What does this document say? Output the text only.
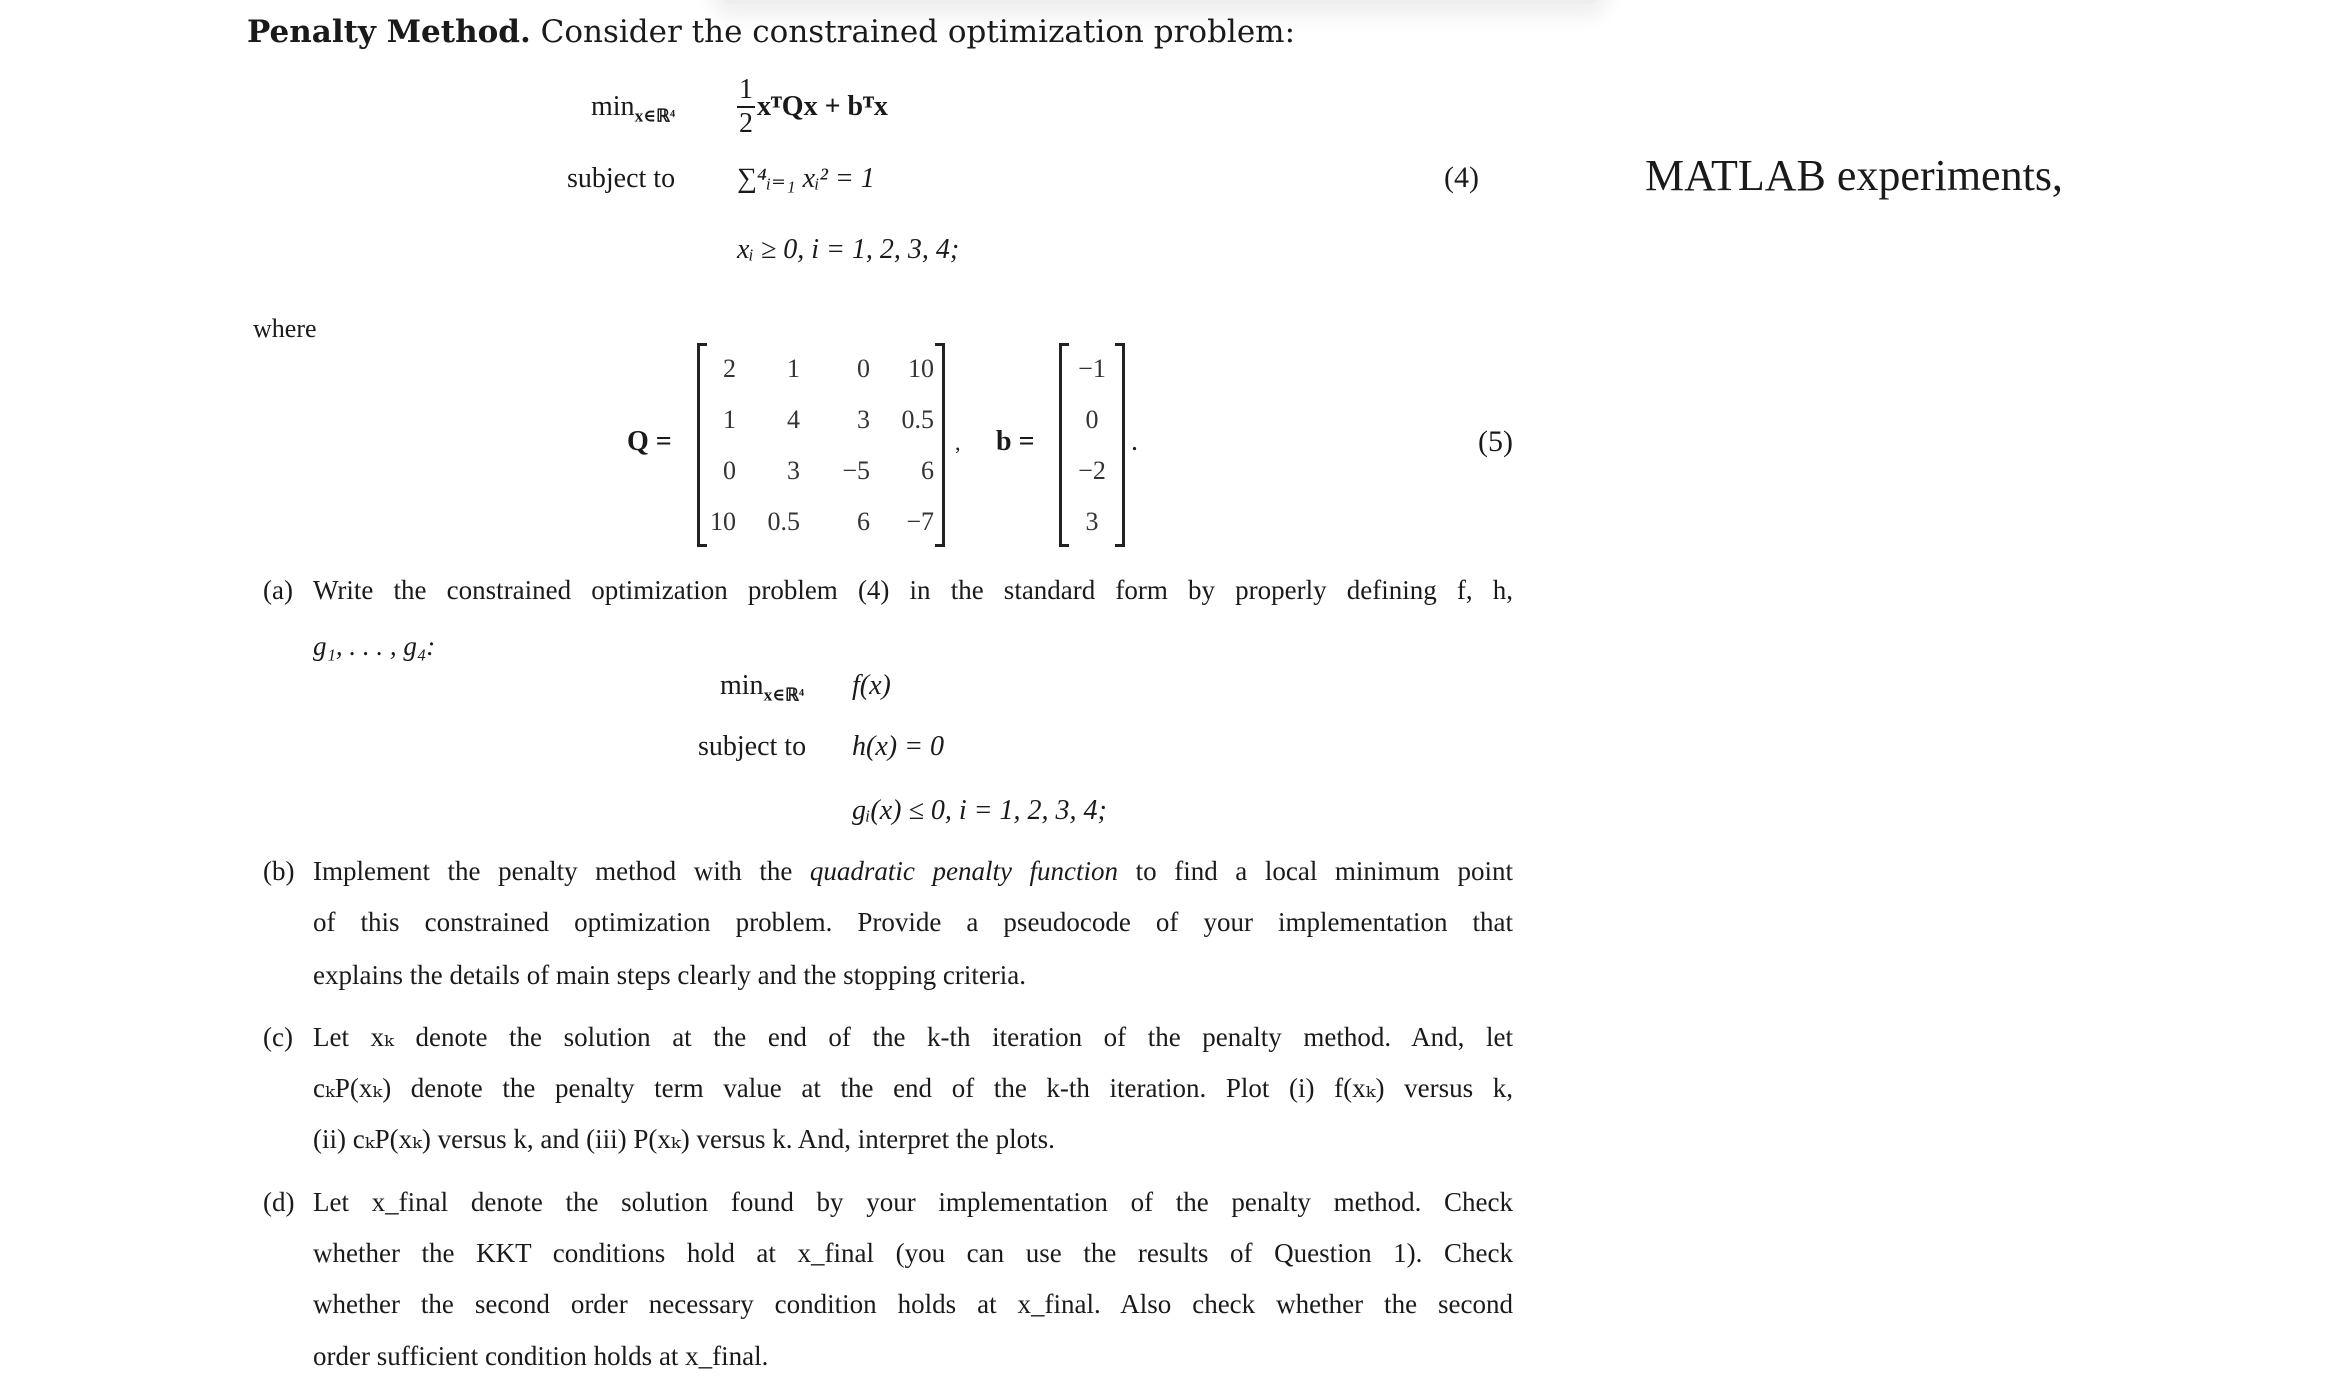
Penalty Method. Consider the constrained optimization problem:
$\min_{x\in ℝ^4} \frac{1}{2}$ xᵀQx + bᵀx
subject to ∑⁴ᵢ₌₁ xᵢ² = 1
xᵢ ≥ 0, i = 1, 2, 3, 4;
(4)	MATLAB experiments,
where
Q =
2	1	0	10
1	4	3	0.5
0	3	−5	6
10	0.5	6	−7
, b =
−1
0
−2
3
.	(5)
(a) Write the constrained optimization problem (4) in the standard form by properly defining f, h,
g₁, . . . , g₄:
$\min_{x\in ℝ^4} f(x)$
subject to h(x) = 0
gᵢ(x) ≤ 0, i = 1, 2, 3, 4;
(b) Implement the penalty method with the quadratic penalty function to find a local minimum point
of this constrained optimization problem. Provide a pseudocode of your implementation that
explains the details of main steps clearly and the stopping criteria.
(c) Let xₖ denote the solution at the end of the k-th iteration of the penalty method. And, let
cₖP(xₖ) denote the penalty term value at the end of the k-th iteration. Plot (i) f(xₖ) versus k,
(ii) cₖP(xₖ) versus k, and (iii) P(xₖ) versus k. And, interpret the plots.
(d) Let x_final denote the solution found by your implementation of the penalty method. Check
whether the KKT conditions hold at x_final (you can use the results of Question 1). Check
whether the second order necessary condition holds at x_final. Also check whether the second
order sufficient condition holds at x_final.
